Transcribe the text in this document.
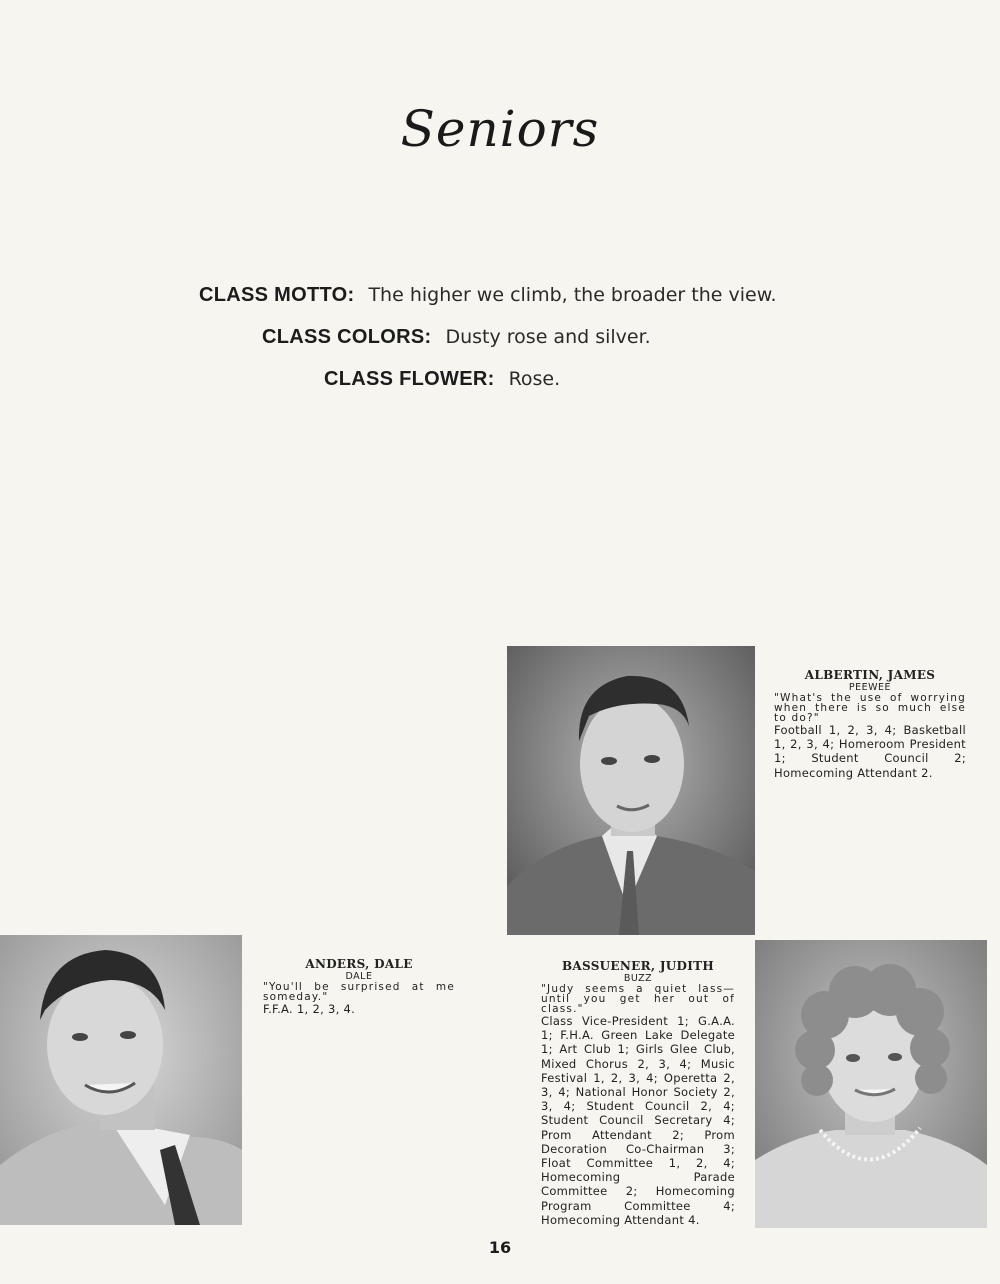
Seniors
CLASS MOTTO: The higher we climb, the broader the view.
CLASS COLORS: Dusty rose and silver.
CLASS FLOWER: Rose.
ALBERTIN, JAMES
PEEWEE
"What's the use of worrying when there is so much else to do?"
Football 1, 2, 3, 4; Basketball 1, 2, 3, 4; Homeroom President 1; Student Council 2; Homecoming Attendant 2.
ANDERS, DALE
DALE
"You'll be surprised at me someday."
F.F.A. 1, 2, 3, 4.
BASSUENER, JUDITH
BUZZ
"Judy seems a quiet lass—until you get her out of class."
Class Vice-President 1; G.A.A. 1; F.H.A. Green Lake Delegate 1; Art Club 1; Girls Glee Club, Mixed Chorus 2, 3, 4; Music Festival 1, 2, 3, 4; Operetta 2, 3, 4; National Honor Society 2, 3, 4; Student Council 2, 4; Student Council Secretary 4; Prom Attendant 2; Prom Decoration Co-Chairman 3; Float Committee 1, 2, 4; Homecoming Parade Committee 2; Homecoming Program Committee 4; Homecoming Attendant 4.
16
